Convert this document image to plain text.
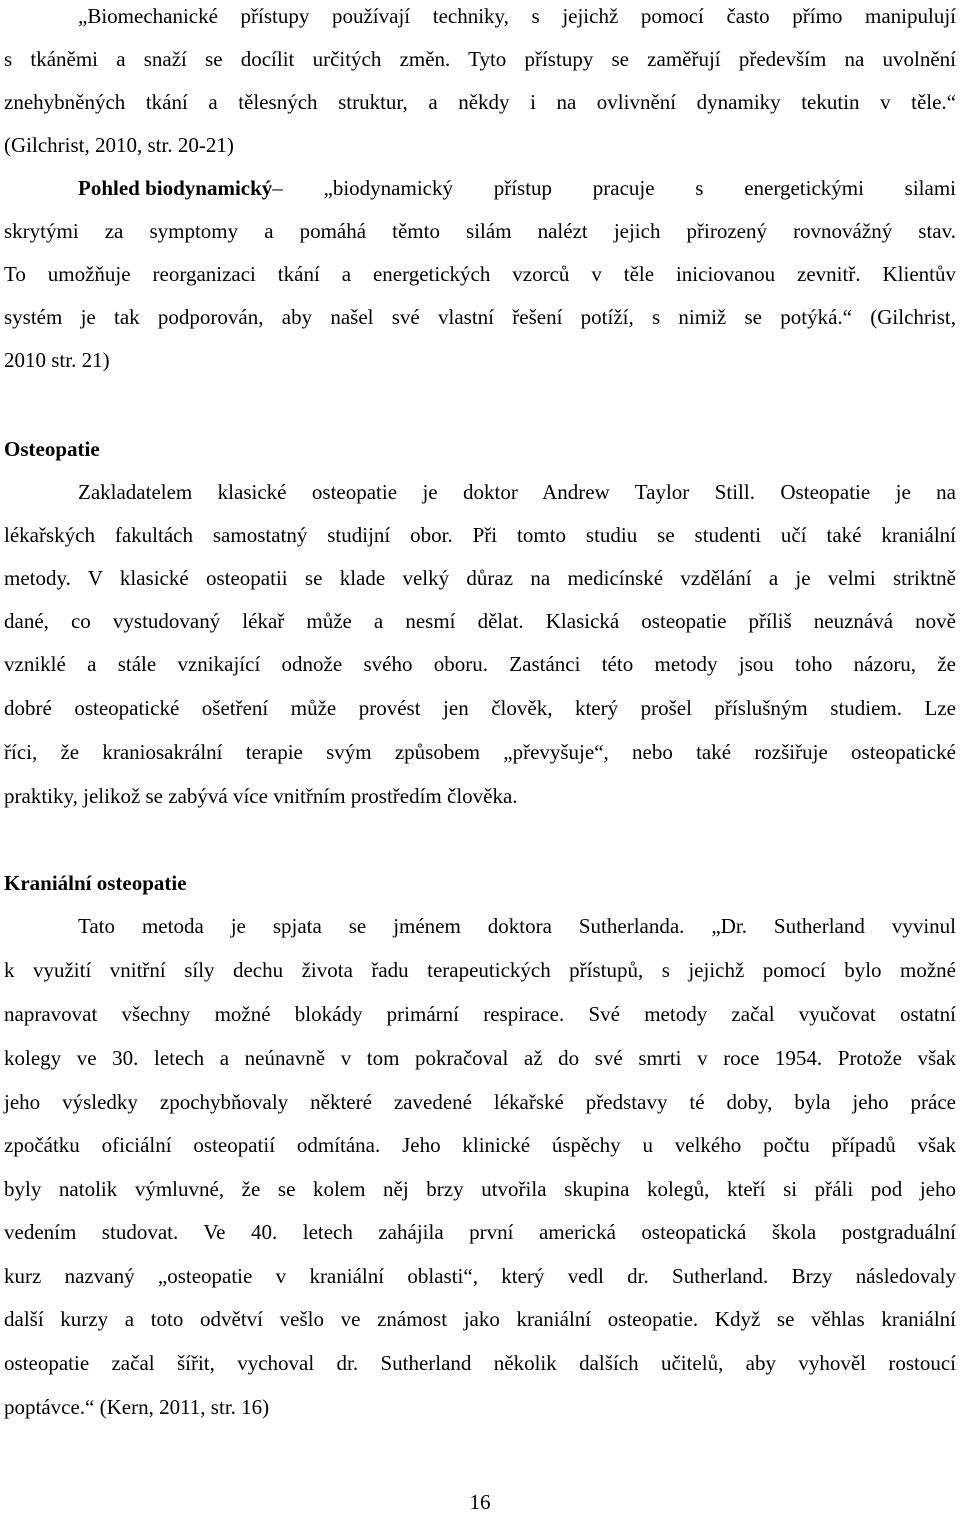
„Biomechanické přístupy používají techniky, s jejichž pomocí často přímo manipulují
s tkáněmi a snaží se docílit určitých změn. Tyto přístupy se zaměřují především na uvolnění
znehybněných tkání a tělesných struktur, a někdy i na ovlivnění dynamiky tekutin v těle.“
(Gilchrist, 2010, str. 20-21)
Pohled biodynamický – „biodynamický přístup pracuje s energetickými silami
skrytými za symptomy a pomáhá těmto silám nalézt jejich přirozený rovnovážný stav.
To umožňuje reorganizaci tkání a energetických vzorců v těle iniciovanou zevnitř. Klientův
systém je tak podporován, aby našel své vlastní řešení potíží, s nimiž se potýká.“ (Gilchrist,
2010 str. 21)
Osteopatie
Zakladatelem klasické osteopatie je doktor Andrew Taylor Still. Osteopatie je na
lékařských fakultách samostatný studijní obor. Při tomto studiu se studenti učí také kraniální
metody. V klasické osteopatii se klade velký důraz na medicínské vzdělání a je velmi striktně
dané, co vystudovaný lékař může a nesmí dělat. Klasická osteopatie příliš neuznává nově
vzniklé a stále vznikající odnože svého oboru. Zastánci této metody jsou toho názoru, že
dobré osteopatické ošetření může provést jen člověk, který prošel příslušným studiem. Lze
říci, že kraniosakrální terapie svým způsobem „převyšuje“, nebo také rozšiřuje osteopatické
praktiky, jelikož se zabývá více vnitřním prostředím člověka.
Kraniální osteopatie
Tato metoda je spjata se jménem doktora Sutherlanda. „Dr. Sutherland vyvinul
k využití vnitřní síly dechu života řadu terapeutických přístupů, s jejichž pomocí bylo možné
napravovat všechny možné blokády primární respirace. Své metody začal vyučovat ostatní
kolegy ve 30. letech a neúnavně v tom pokračoval až do své smrti v roce 1954. Protože však
jeho výsledky zpochybňovaly některé zavedené lékařské představy té doby, byla jeho práce
zpočátku oficiální osteopatií odmítána. Jeho klinické úspěchy u velkého počtu případů však
byly natolik výmluvné, že se kolem něj brzy utvořila skupina kolegů, kteří si přáli pod jeho
vedením studovat. Ve 40. letech zahájila první americká osteopatická škola postgraduální
kurz nazvaný „osteopatie v kraniální oblasti“, který vedl dr. Sutherland. Brzy následovaly
další kurzy a toto odvětví vešlo ve známost jako kraniální osteopatie. Když se věhlas kraniální
osteopatie začal šířit, vychoval dr. Sutherland několik dalších učitelů, aby vyhověl rostoucí
poptávce.“ (Kern, 2011, str. 16)
16
